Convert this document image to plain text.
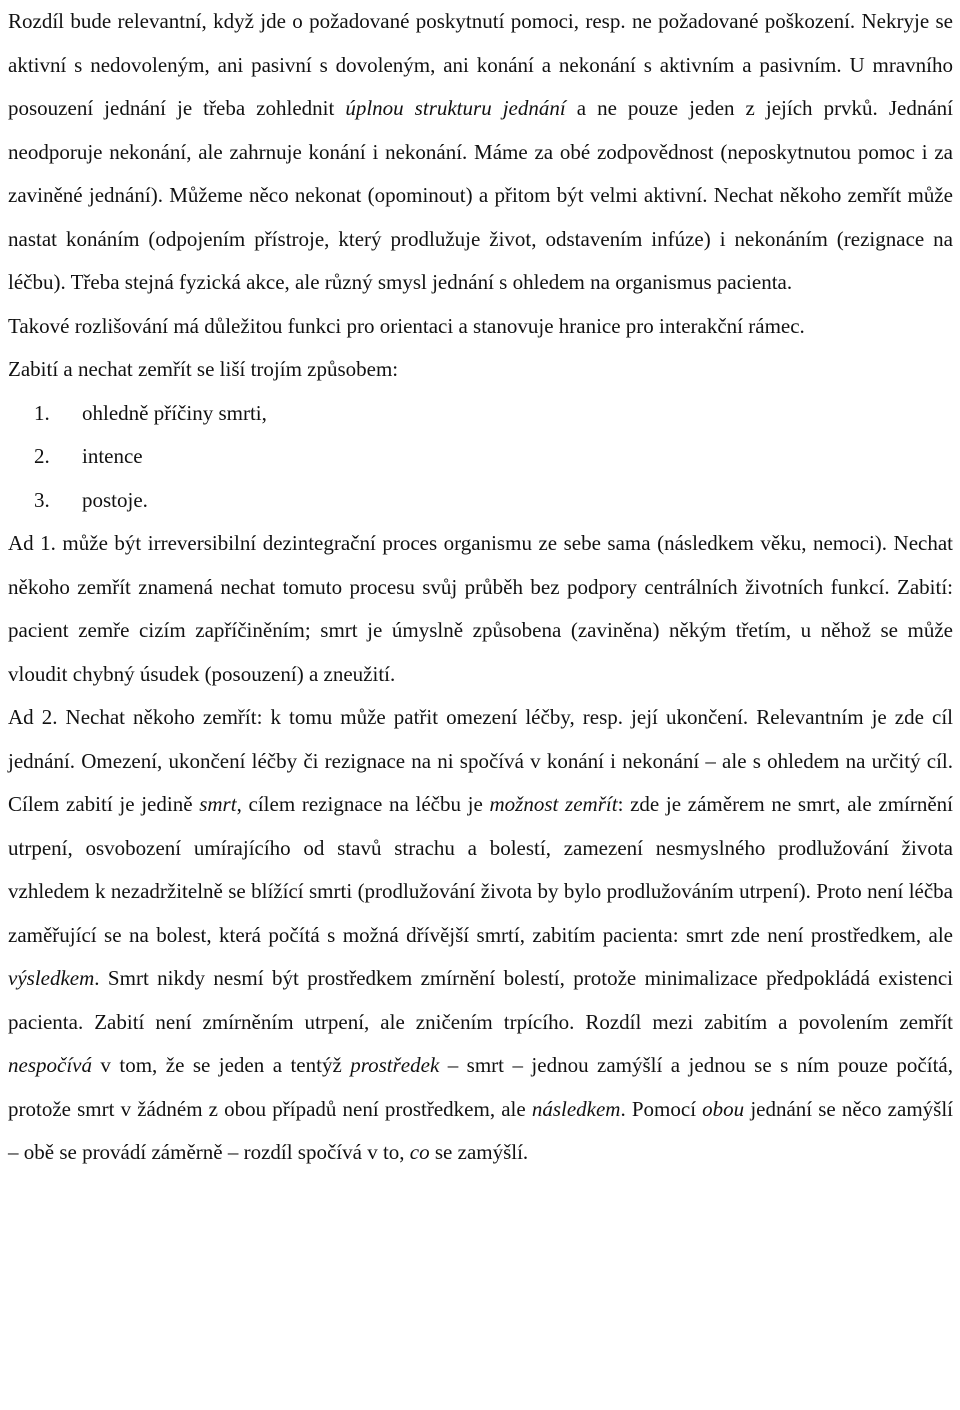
Rozdíl bude relevantní, když jde o požadované poskytnutí pomoci, resp. ne požadované poškození. Nekryje se aktivní s nedovoleným, ani pasivní s dovoleným, ani konání a nekonání s aktivním a pasivním. U mravního posouzení jednání je třeba zohlednit úplnou strukturu jednání a ne pouze jeden z jejích prvků. Jednání neodporuje nekonání, ale zahrnuje konání i nekonání. Máme za obé zodpovědnost (neposkytnutou pomoc i za zaviněné jednání). Můžeme něco nekonat (opominout) a přitom být velmi aktivní. Nechat někoho zemřít může nastat konáním (odpojením přístroje, který prodlužuje život, odstavením infúze) i nekonáním (rezignace na léčbu). Třeba stejná fyzická akce, ale různý smysl jednání s ohledem na organismus pacienta.

Takové rozlišování má důležitou funkci pro orientaci a stanovuje hranice pro interakční rámec.

Zabití a nechat zemřít se liší trojím způsobem:

1. ohledně příčiny smrti,
2. intence
3. postoje.

Ad 1. může být irreversibilní dezintegrační proces organismu ze sebe sama (následkem věku, nemoci). Nechat někoho zemřít znamená nechat tomuto procesu svůj průběh bez podpory centrálních životních funkcí. Zabití: pacient zemře cizím zapříčiněním; smrt je úmyslně způsobena (zaviněna) někým třetím, u něhož se může vloudit chybný úsudek (posouzení) a zneužití.

Ad 2. Nechat někoho zemřít: k tomu může patřit omezení léčby, resp. její ukončení. Relevantním je zde cíl jednání. Omezení, ukončení léčby či rezignace na ni spočívá v konání i nekonání – ale s ohledem na určitý cíl. Cílem zabití je jedině smrt, cílem rezignace na léčbu je možnost zemřít: zde je záměrem ne smrt, ale zmírnění utrpení, osvobození umírajícího od stavů strachu a bolestí, zamezení nesmyslného prodlužování života vzhledem k nezadržitelně se blížící smrti (prodlužování života by bylo prodlužováním utrpení). Proto není léčba zaměřující se na bolest, která počítá s možná dřívější smrtí, zabitím pacienta: smrt zde není prostředkem, ale výsledkem. Smrt nikdy nesmí být prostředkem zmírnění bolestí, protože minimalizace předpokládá existenci pacienta. Zabití není zmírněním utrpení, ale zničením trpícího. Rozdíl mezi zabitím a povolením zemřít nespočívá v tom, že se jeden a tentýž prostředek – smrt – jednou zamýšlí a jednou se s ním pouze počítá, protože smrt v žádném z obou případů není prostředkem, ale následkem. Pomocí obou jednání se něco zamýšlí – obě se provádí záměrně – rozdíl spočívá v to, co se zamýšlí.
